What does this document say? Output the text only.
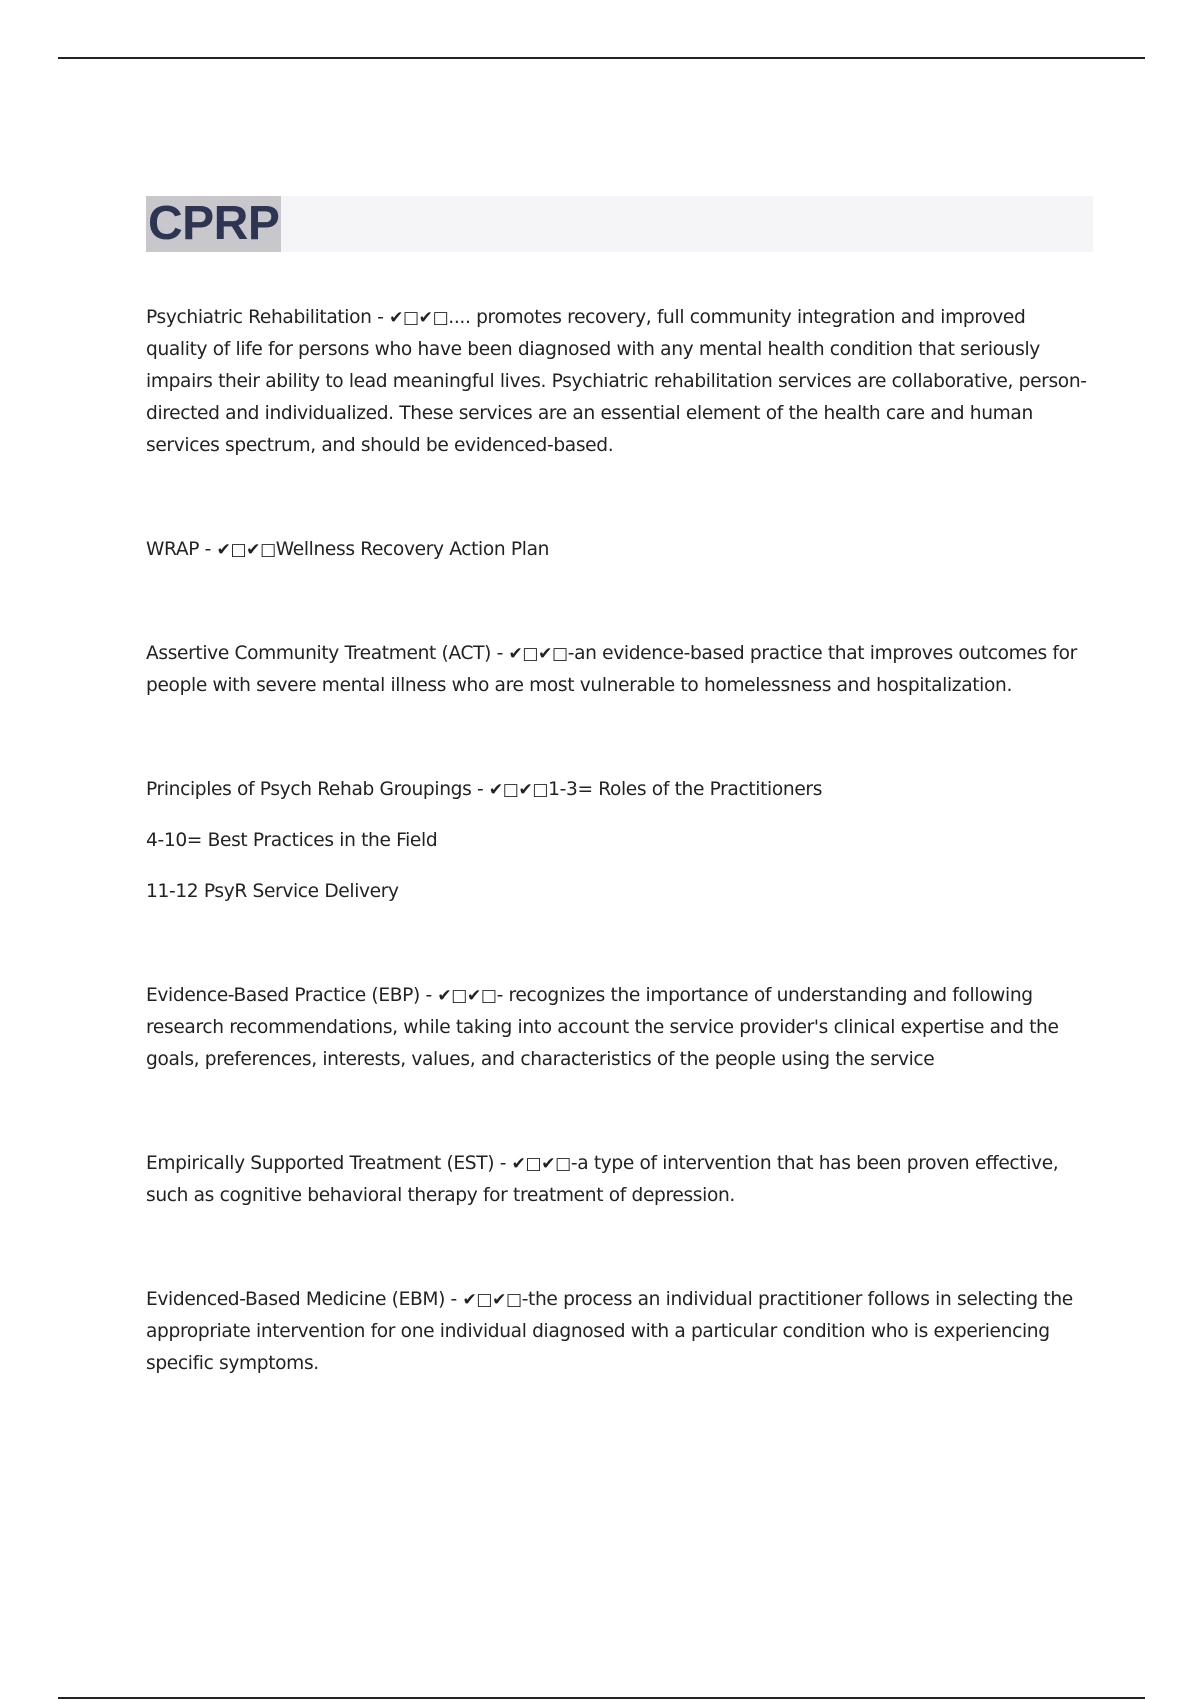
CPRP

Psychiatric Rehabilitation - ✔□✔□.... promotes recovery, full community integration and improved quality of life for persons who have been diagnosed with any mental health condition that seriously impairs their ability to lead meaningful lives. Psychiatric rehabilitation services are collaborative, person-directed and individualized. These services are an essential element of the health care and human services spectrum, and should be evidenced-based.

WRAP - ✔□✔□Wellness Recovery Action Plan

Assertive Community Treatment (ACT) - ✔□✔□-an evidence-based practice that improves outcomes for people with severe mental illness who are most vulnerable to homelessness and hospitalization.

Principles of Psych Rehab Groupings - ✔□✔□1-3= Roles of the Practitioners

4-10= Best Practices in the Field

11-12 PsyR Service Delivery

Evidence-Based Practice (EBP) - ✔□✔□- recognizes the importance of understanding and following research recommendations, while taking into account the service provider's clinical expertise and the goals, preferences, interests, values, and characteristics of the people using the service

Empirically Supported Treatment (EST) - ✔□✔□-a type of intervention that has been proven effective, such as cognitive behavioral therapy for treatment of depression.

Evidenced-Based Medicine (EBM) - ✔□✔□-the process an individual practitioner follows in selecting the appropriate intervention for one individual diagnosed with a particular condition who is experiencing specific symptoms.
